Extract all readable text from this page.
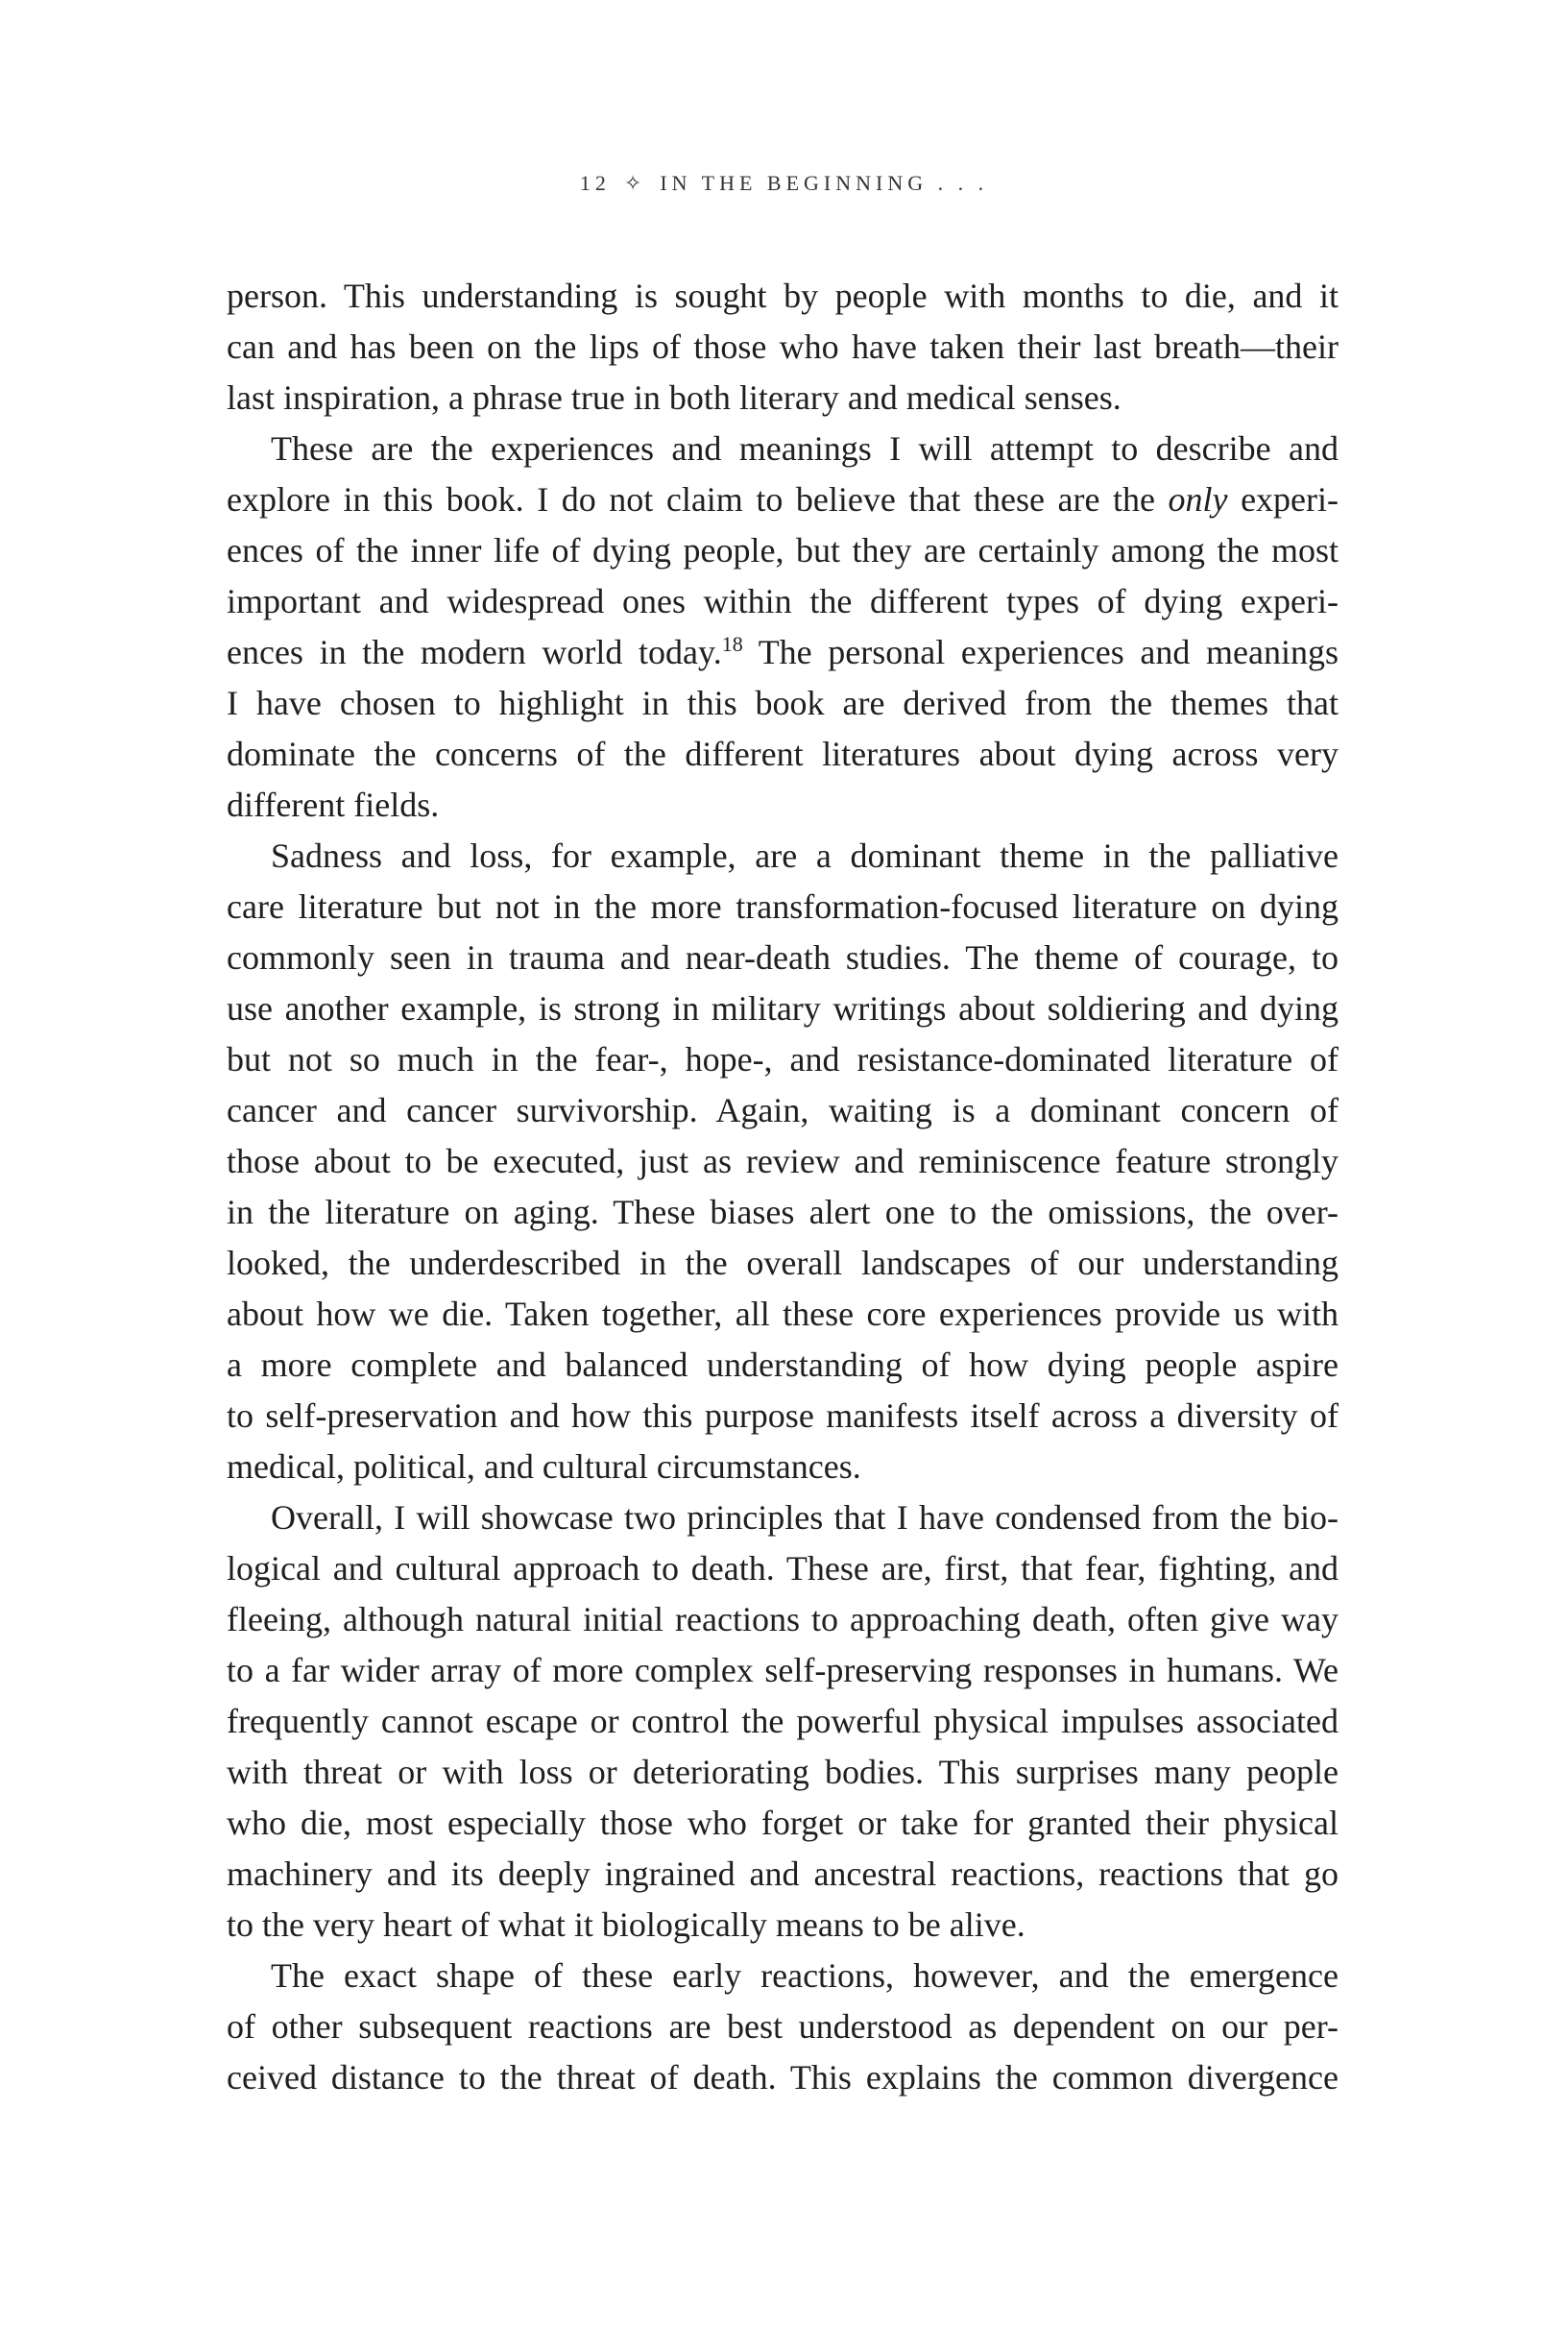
12 ✧ IN THE BEGINNING . . .
person. This understanding is sought by people with months to die, and it
can and has been on the lips of those who have taken their last breath—their
last inspiration, a phrase true in both literary and medical senses.
These are the experiences and meanings I will attempt to describe and
explore in this book. I do not claim to believe that these are the only experi-
ences of the inner life of dying people, but they are certainly among the most
important and widespread ones within the different types of dying experi-
ences in the modern world today.$^{18}$ The personal experiences and meanings
I have chosen to highlight in this book are derived from the themes that
dominate the concerns of the different literatures about dying across very
different fields.
Sadness and loss, for example, are a dominant theme in the palliative
care literature but not in the more transformation-focused literature on dying
commonly seen in trauma and near-death studies. The theme of courage, to
use another example, is strong in military writings about soldiering and dying
but not so much in the fear-, hope-, and resistance-dominated literature of
cancer and cancer survivorship. Again, waiting is a dominant concern of
those about to be executed, just as review and reminiscence feature strongly
in the literature on aging. These biases alert one to the omissions, the over-
looked, the underdescribed in the overall landscapes of our understanding
about how we die. Taken together, all these core experiences provide us with
a more complete and balanced understanding of how dying people aspire
to self-preservation and how this purpose manifests itself across a diversity of
medical, political, and cultural circumstances.
Overall, I will showcase two principles that I have condensed from the bio-
logical and cultural approach to death. These are, first, that fear, fighting, and
fleeing, although natural initial reactions to approaching death, often give way
to a far wider array of more complex self-preserving responses in humans. We
frequently cannot escape or control the powerful physical impulses associated
with threat or with loss or deteriorating bodies. This surprises many people
who die, most especially those who forget or take for granted their physical
machinery and its deeply ingrained and ancestral reactions, reactions that go
to the very heart of what it biologically means to be alive.
The exact shape of these early reactions, however, and the emergence
of other subsequent reactions are best understood as dependent on our per-
ceived distance to the threat of death. This explains the common divergence
